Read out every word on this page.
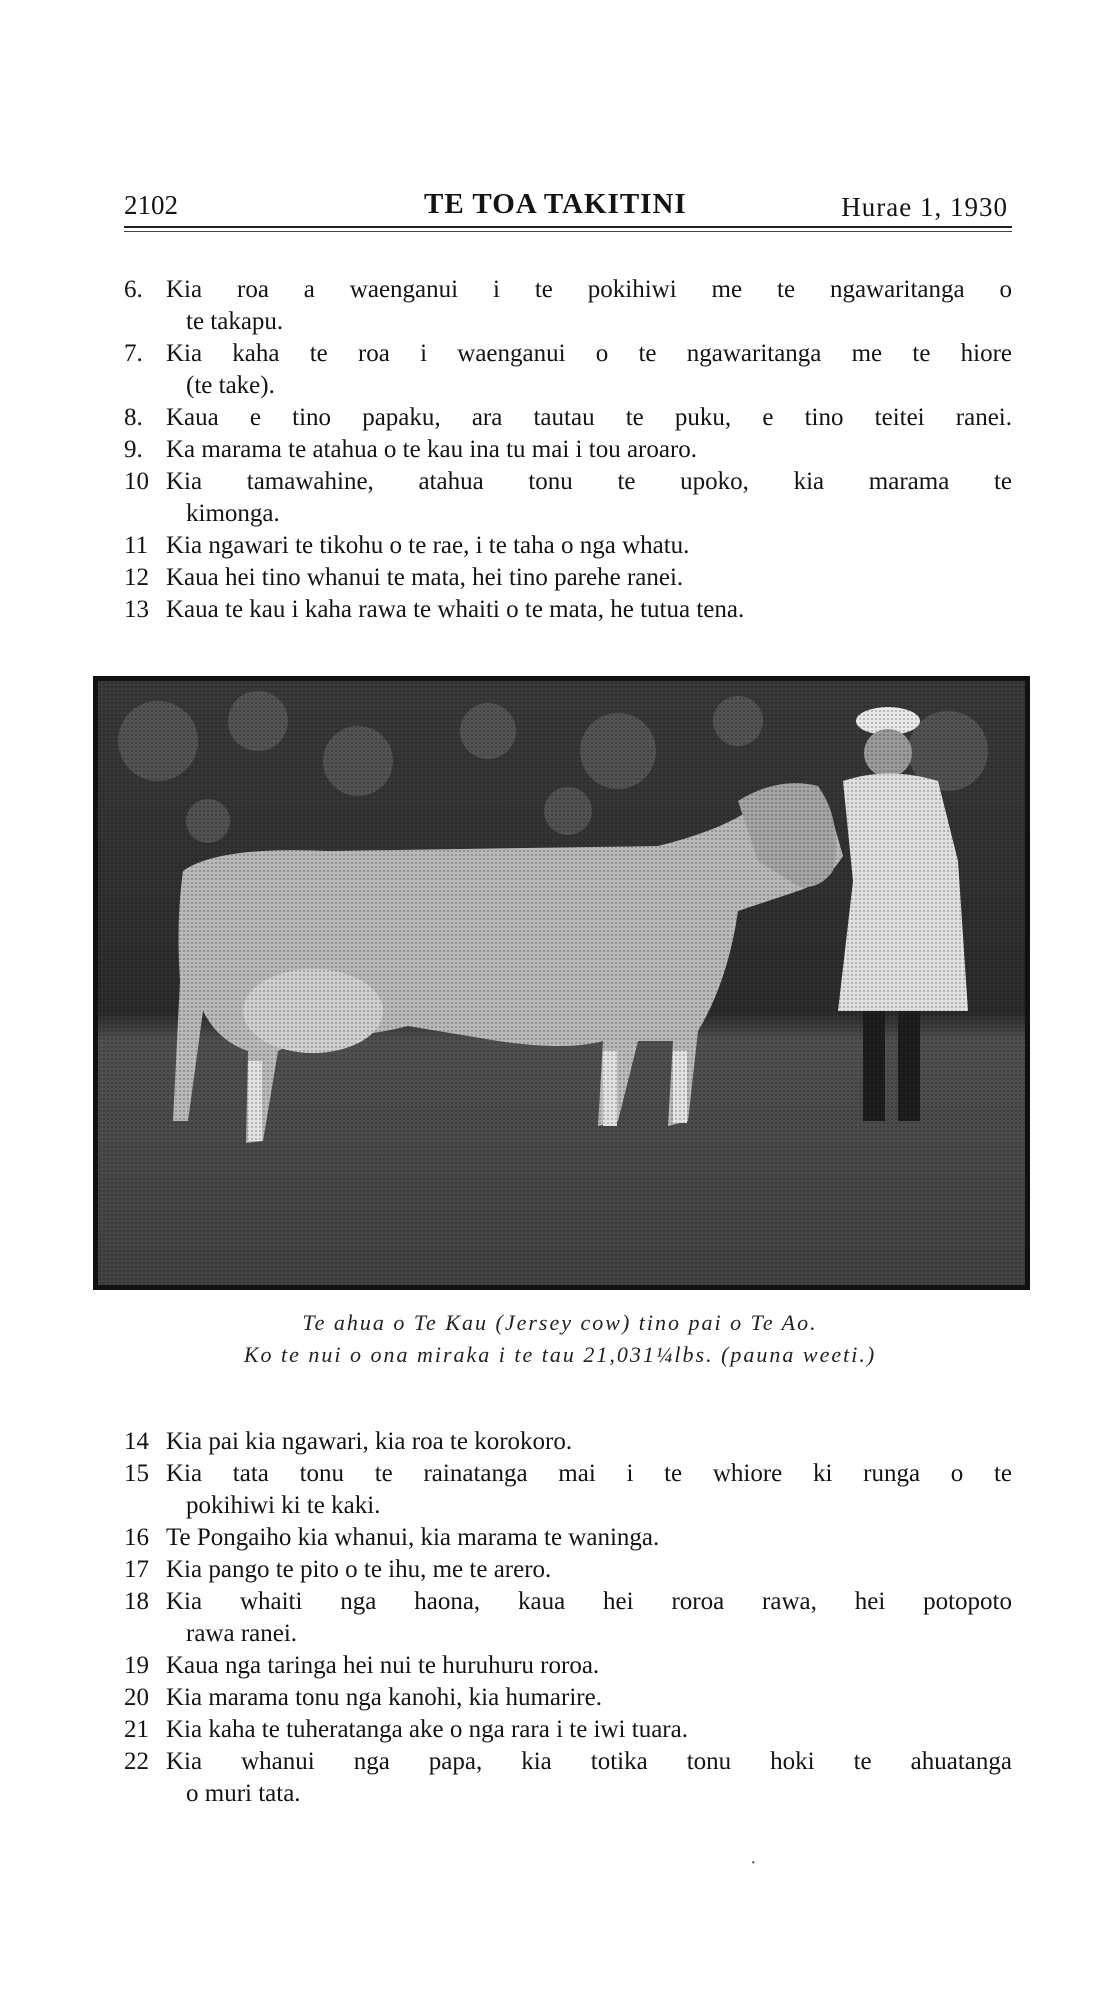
2102	TE TOA TAKITINI	Hurae 1, 1930
6. Kia roa a waenganui i te pokihiwi me te ngawaritanga o
te takapu.
7. Kia kaha te roa i waenganui o te ngawaritanga me te hiore
(te take).
8. Kaua e tino papaku, ara tautau te puku, e tino teitei ranei.
9. Ka marama te atahua o te kau ina tu mai i tou aroaro.
10 Kia tamawahine, atahua tonu te upoko, kia marama te
kimonga.
11 Kia ngawari te tikohu o te rae, i te taha o nga whatu.
12 Kaua hei tino whanui te mata, hei tino parehe ranei.
13 Kaua te kau i kaha rawa te whaiti o te mata, he tutua tena.
Te ahua o Te Kau (Jersey cow) tino pai o Te Ao.
Ko te nui o ona miraka i te tau 21,031¼lbs. (pauna weeti.)
14 Kia pai kia ngawari, kia roa te korokoro.
15 Kia tata tonu te rainatanga mai i te whiore ki runga o te
pokihiwi ki te kaki.
16 Te Pongaiho kia whanui, kia marama te waninga.
17 Kia pango te pito o te ihu, me te arero.
18 Kia whaiti nga haona, kaua hei roroa rawa, hei potopoto
rawa ranei.
19 Kaua nga taringa hei nui te huruhuru roroa.
20 Kia marama tonu nga kanohi, kia humarire.
21 Kia kaha te tuheratanga ake o nga rara i te iwi tuara.
22 Kia whanui nga papa, kia totika tonu hoki te ahuatanga
o muri tata.
·
